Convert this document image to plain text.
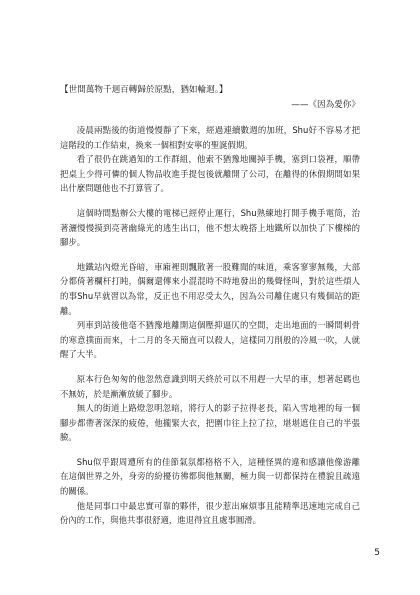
【世間萬物千迴百轉歸於原點，猶如輪迴。】
——《因為愛你》

凌晨兩點後的街道慢慢靜了下來，經過連續數週的加班，Shu好不容易才把這階段的工作結束，換來一個相對安寧的聖誕假期。

看了很仍在跳過知的工作群組，他索不猶豫地關掉手機，塞到口袋裡，順帶把桌上少得可憐的個人物品收進手提包後就離開了公司，在離得的休假期間如果出什麼問題他也不打算管了。

這個時間點辦公大樓的電梯已經停止運行，Shu熟練地打開手機手電筒，治著灑慢慢摸到亮著幽綠光的逃生出口，他不想太晚搭上地鐵所以加快了下樓梯的腳步。

地鐵站內燈光昏暗，車廂裡則飄散著一股難聞的味道，乘客寥寥無幾，大部分都倚著欄杆打盹，偶爾還傳來小混混時不時地發出的幾聲怪叫，對於這些煩人的事Shu早就習以為常，反正也不用忍受太久，因為公司離住處只有幾個站的距離。

列車到站後他毫不猶豫地離開這個壓抑逼仄的空間，走出地面的一瞬間刺骨的寒意撲面而來，十二月的冬天簡直可以殺人，這樣同刀削般的冷風一吹，人就醒了大半。

原本行色匆匆的他忽然意識到明天終於可以不用趕一大早的車，想著起碼也不無妨，於是漸漸放緩了腳步。

無人的街道上路燈忽明忽暗，將行人的影子拉得老長，陷入雪地裡的每一個腳步都帶著深深的疲倦，他攏緊大衣，把圍巾往上拉了拉，堪堪遮住自己的半張臉。

Shu似乎跟周遭所有的佳節氣氛都格格不入，這種怪異的違和感讓他像游離在這個世界之外，身旁的紛擾彷彿都與他無關，極力與一切都保持在禮貌且疏遠的關係。

他是同事口中最忠實可靠的夥伴，很少惹出麻煩事且能精準迅速地完成自己份內的工作，與他共事很舒適，進退得宜且處事圓滑。

5
